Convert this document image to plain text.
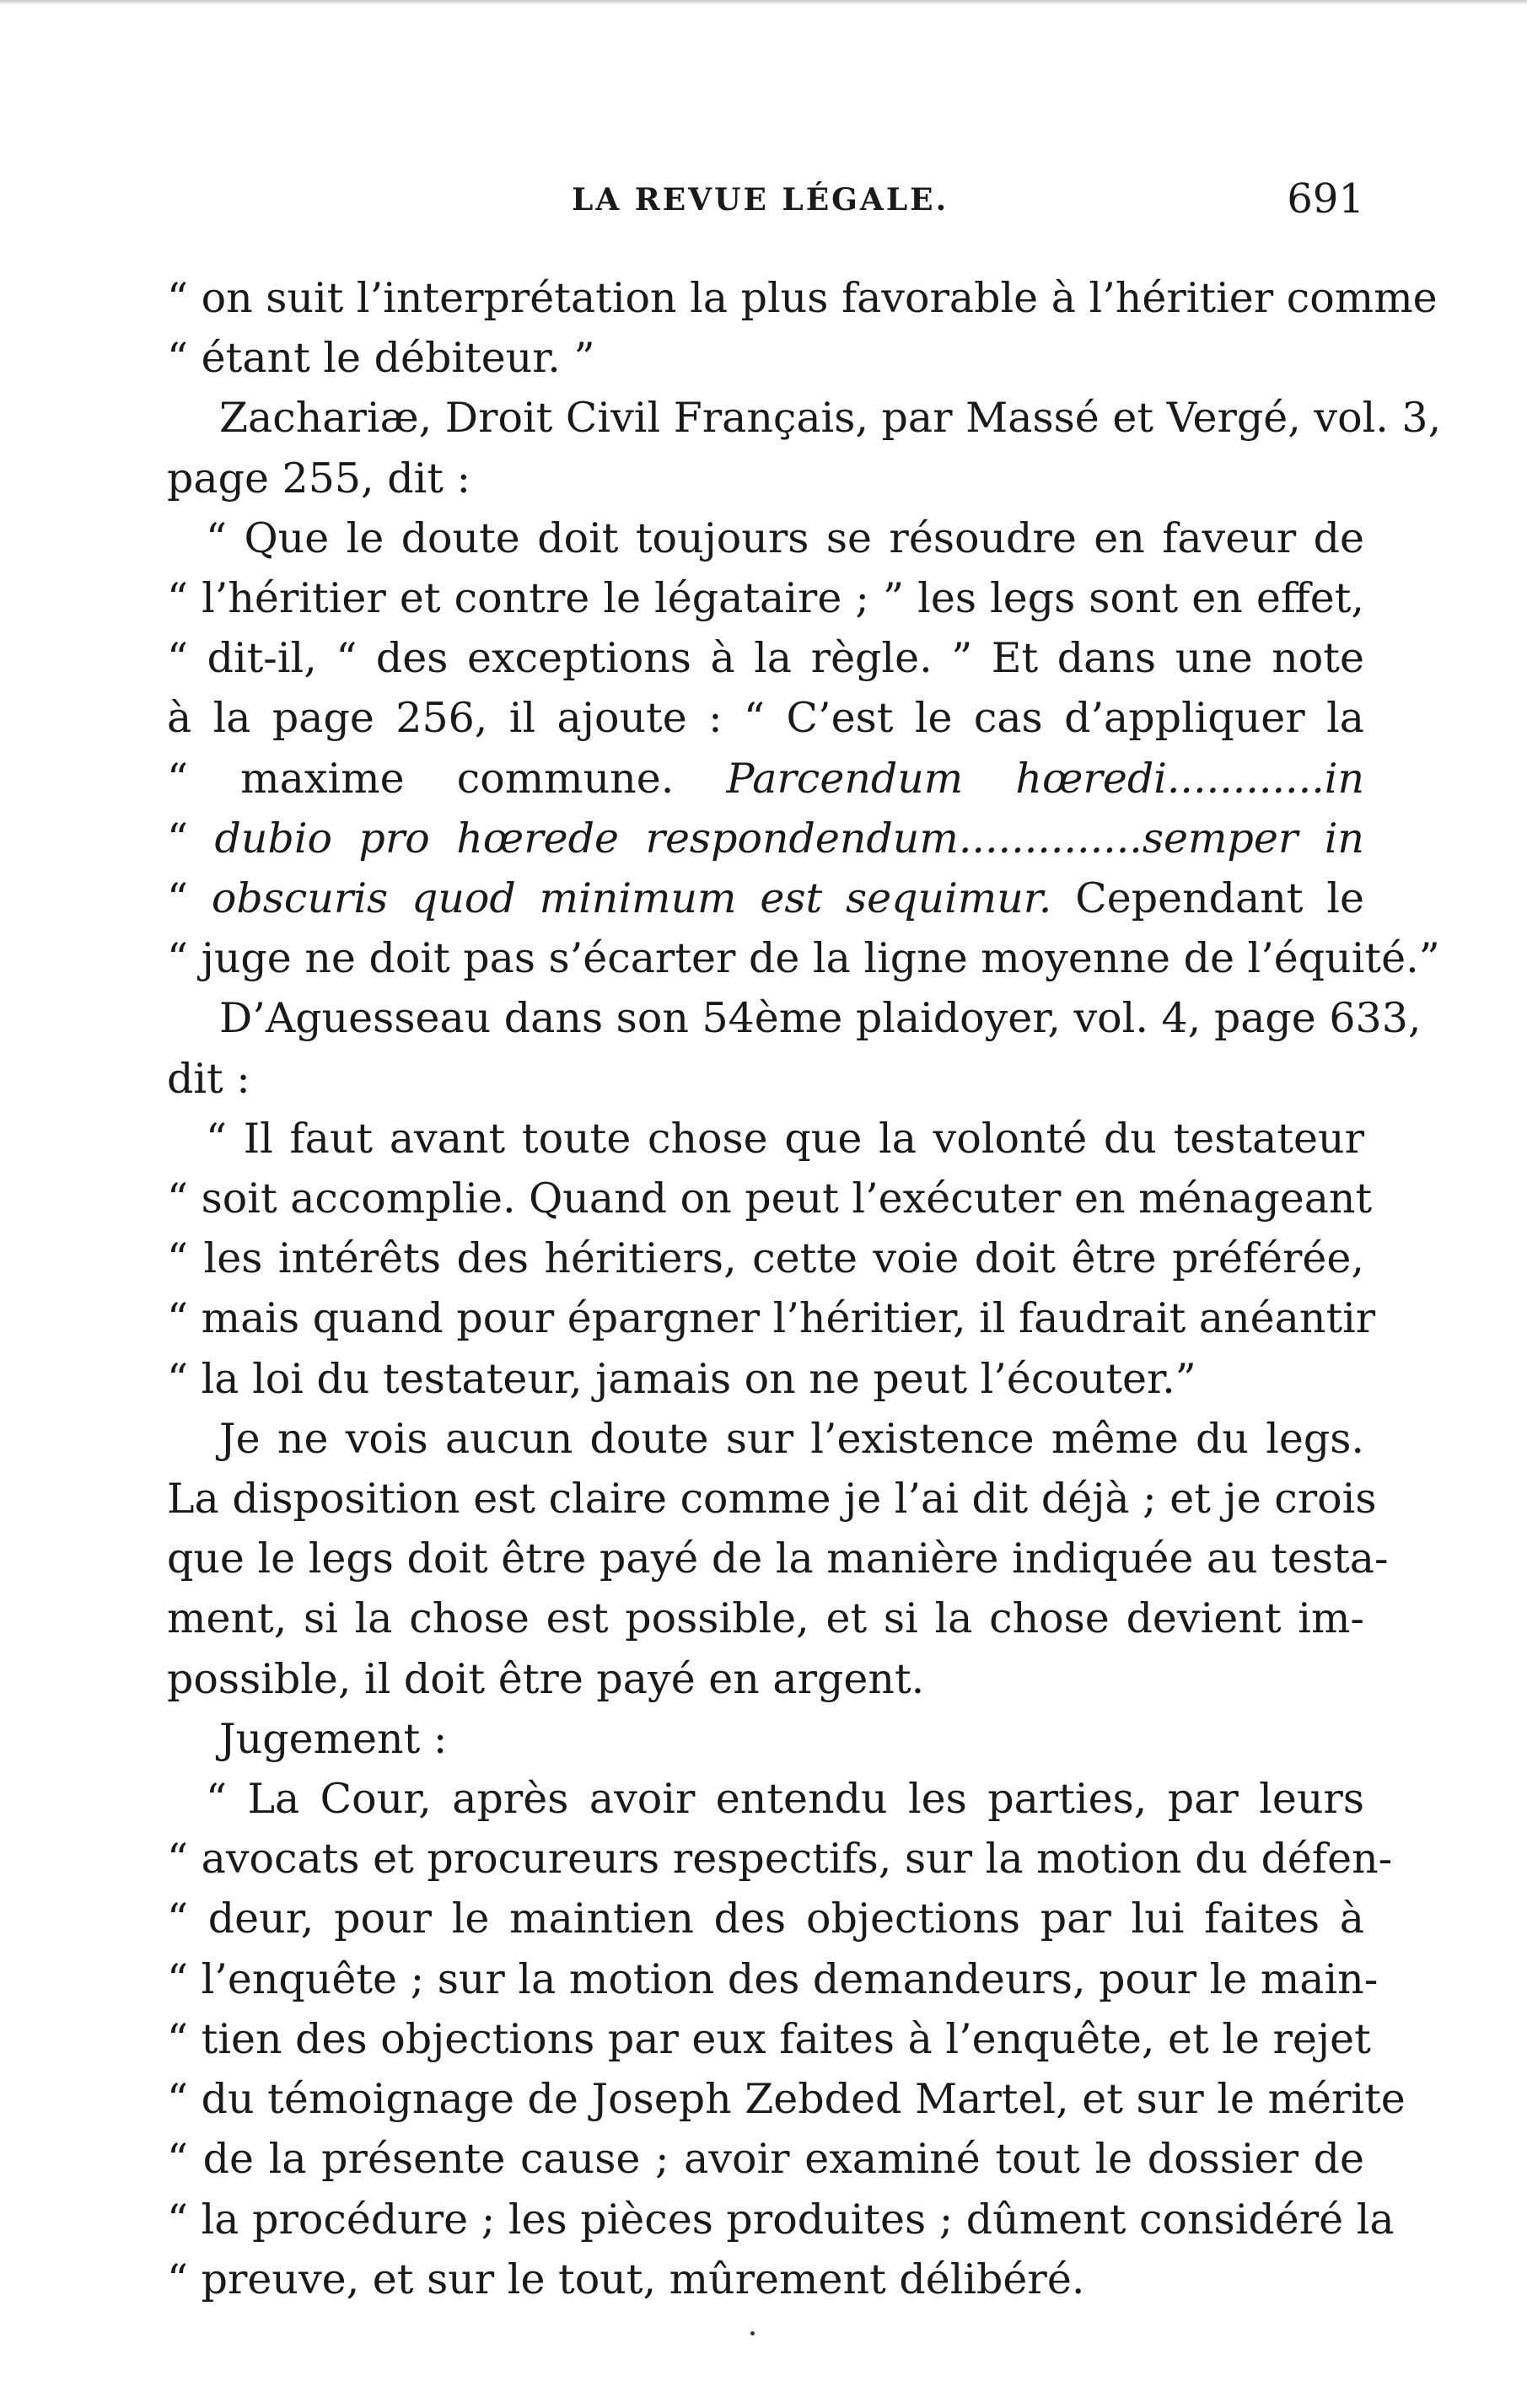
LA REVUE LÉGALE.	691
“ on suit l’interprétation la plus favorable à l’héritier comme
“ étant le débiteur. ”
Zachariæ, Droit Civil Français, par Massé et Vergé, vol. 3,
page 255, dit :
“ Que le doute doit toujours se résoudre en faveur de
“ l’héritier et contre le légataire ; ” les legs sont en effet,
“ dit-il, “ des exceptions à la règle. ” Et dans une note
à la page 256, il ajoute : “ C’est le cas d’appliquer la
“ maxime commune. Parcendum hœredi............in
“ dubio pro hœrede respondendum..............semper in
“ obscuris quod minimum est sequimur. Cependant le
“ juge ne doit pas s’écarter de la ligne moyenne de l’équité.”
D’Aguesseau dans son 54ème plaidoyer, vol. 4, page 633,
dit :
“ Il faut avant toute chose que la volonté du testateur
“ soit accomplie. Quand on peut l’exécuter en ménageant
“ les intérêts des héritiers, cette voie doit être préférée,
“ mais quand pour épargner l’héritier, il faudrait anéantir
“ la loi du testateur, jamais on ne peut l’écouter.”
Je ne vois aucun doute sur l’existence même du legs.
La disposition est claire comme je l’ai dit déjà ; et je crois
que le legs doit être payé de la manière indiquée au testa-
ment, si la chose est possible, et si la chose devient im-
possible, il doit être payé en argent.
Jugement :
“ La Cour, après avoir entendu les parties, par leurs
“ avocats et procureurs respectifs, sur la motion du défen-
“ deur, pour le maintien des objections par lui faites à
“ l’enquête ; sur la motion des demandeurs, pour le main-
“ tien des objections par eux faites à l’enquête, et le rejet
“ du témoignage de Joseph Zebded Martel, et sur le mérite
“ de la présente cause ; avoir examiné tout le dossier de
“ la procédure ; les pièces produites ; dûment considéré la
“ preuve, et sur le tout, mûrement délibéré.
